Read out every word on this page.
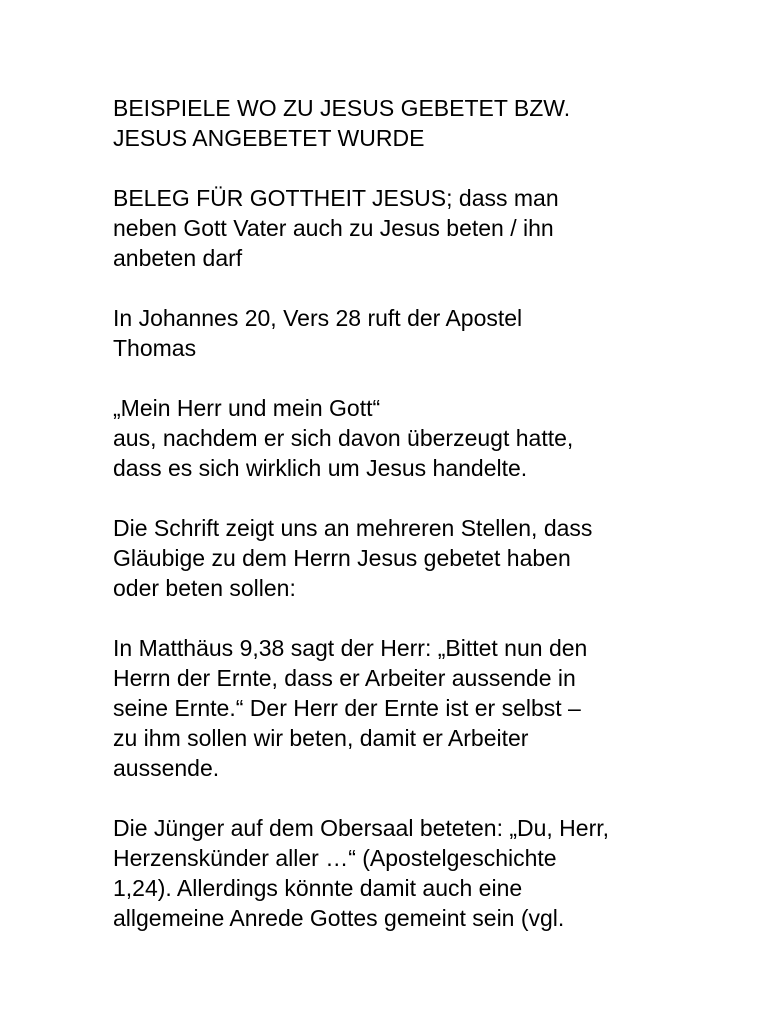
BEISPIELE WO ZU JESUS GEBETET BZW.
JESUS ANGEBETET WURDE
BELEG FÜR GOTTHEIT JESUS; dass man
neben Gott Vater auch zu Jesus beten / ihn
anbeten darf
In Johannes 20, Vers 28 ruft der Apostel
Thomas
„Mein Herr und mein Gott“
aus, nachdem er sich davon überzeugt hatte,
dass es sich wirklich um Jesus handelte.
Die Schrift zeigt uns an mehreren Stellen, dass
Gläubige zu dem Herrn Jesus gebetet haben
oder beten sollen:
In Matthäus 9,38 sagt der Herr: „Bittet nun den
Herrn der Ernte, dass er Arbeiter aussende in
seine Ernte.“ Der Herr der Ernte ist er selbst –
zu ihm sollen wir beten, damit er Arbeiter
aussende.
Die Jünger auf dem Obersaal beteten: „Du, Herr,
Herzenskünder aller …“ (Apostelgeschichte
1,24). Allerdings könnte damit auch eine
allgemeine Anrede Gottes gemeint sein (vgl.
